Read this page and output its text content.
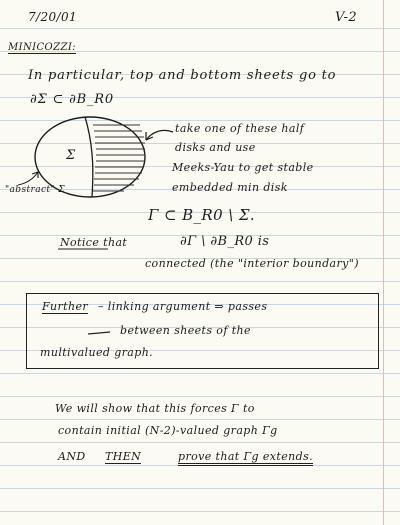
7/20/01	V-2
MINICOZZI:
In particular, top and bottom sheets go to
∂Σ ⊂ ∂B_R0
Σ
"abstract" Σ
take one of these half
disks and use
Meeks-Yau to get stable
embedded min disk
Γ ⊂ B_R0 \ Σ.
Notice that	∂Γ \ ∂B_R0 is
connected (the "interior boundary")
Further – linking argument ⇒ passes
between sheets of the
multivalued graph.
We will show that this forces Γ to
contain initial (N-2)-valued graph Γg
AND THEN	prove that Γg extends.
